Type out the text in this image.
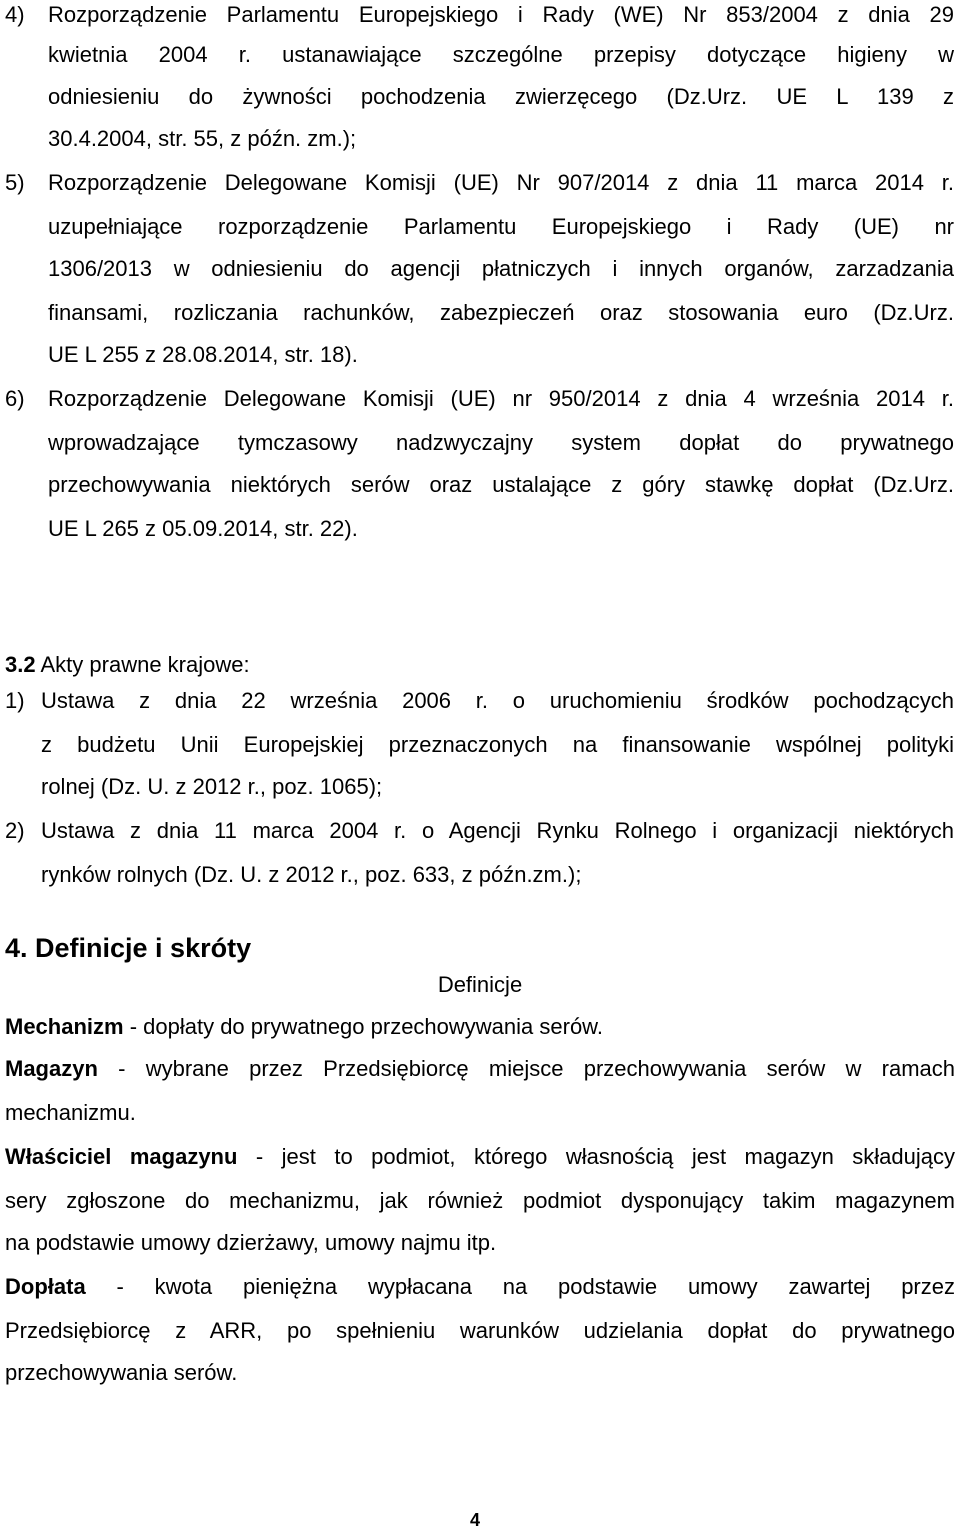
4) Rozporządzenie Parlamentu Europejskiego i Rady (WE) Nr 853/2004 z dnia 29
kwietnia 2004 r. ustanawiające szczególne przepisy dotyczące higieny w
odniesieniu do żywności pochodzenia zwierzęcego (Dz.Urz. UE L 139 z
30.4.2004, str. 55, z późn. zm.);
5) Rozporządzenie Delegowane Komisji (UE) Nr 907/2014 z dnia 11 marca 2014 r.
uzupełniające rozporządzenie Parlamentu Europejskiego i Rady (UE) nr
1306/2013 w odniesieniu do agencji płatniczych i innych organów, zarzadzania
finansami, rozliczania rachunków, zabezpieczeń oraz stosowania euro (Dz.Urz.
UE L 255 z 28.08.2014, str. 18).
6) Rozporządzenie Delegowane Komisji (UE) nr 950/2014 z dnia 4 września 2014 r.
wprowadzające tymczasowy nadzwyczajny system dopłat do prywatnego
przechowywania niektórych serów oraz ustalające z góry stawkę dopłat (Dz.Urz.
UE L 265 z 05.09.2014, str. 22).
3.2 Akty prawne krajowe:
1) Ustawa z dnia 22 września 2006 r. o uruchomieniu środków pochodzących
z budżetu Unii Europejskiej przeznaczonych na finansowanie wspólnej polityki
rolnej (Dz. U. z 2012 r., poz. 1065);
2) Ustawa z dnia 11 marca 2004 r. o Agencji Rynku Rolnego i organizacji niektórych
rynków rolnych (Dz. U. z 2012 r., poz. 633, z późn.zm.);
4. Definicje i skróty
Definicje
Mechanizm - dopłaty do prywatnego przechowywania serów.
Magazyn - wybrane przez Przedsiębiorcę miejsce przechowywania serów w ramach
mechanizmu.
Właściciel magazynu - jest to podmiot, którego własnością jest magazyn składujący
sery zgłoszone do mechanizmu, jak również podmiot dysponujący takim magazynem
na podstawie umowy dzierżawy, umowy najmu itp.
Dopłata - kwota pieniężna wypłacana na podstawie umowy zawartej przez
Przedsiębiorcę z ARR, po spełnieniu warunków udzielania dopłat do prywatnego
przechowywania serów.
4
